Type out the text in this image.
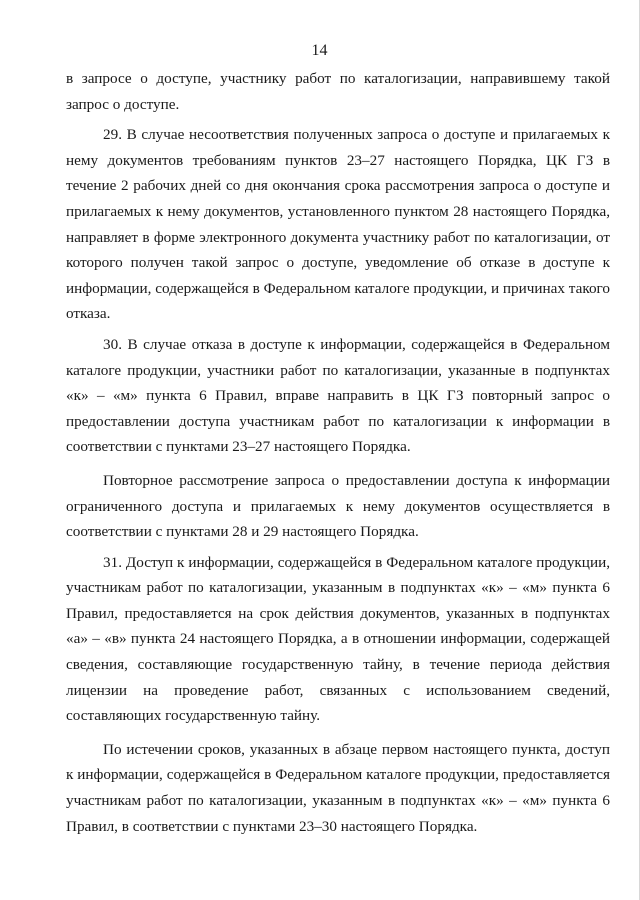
14

в запросе о доступе, участнику работ по каталогизации, направившему такой запрос о доступе.

29. В случае несоответствия полученных запроса о доступе и прилагаемых к нему документов требованиям пунктов 23–27 настоящего Порядка, ЦК ГЗ в течение 2 рабочих дней со дня окончания срока рассмотрения запроса о доступе и прилагаемых к нему документов, установленного пунктом 28 настоящего Порядка, направляет в форме электронного документа участнику работ по каталогизации, от которого получен такой запрос о доступе, уведомление об отказе в доступе к информации, содержащейся в Федеральном каталоге продукции, и причинах такого отказа.

30. В случае отказа в доступе к информации, содержащейся в Федеральном каталоге продукции, участники работ по каталогизации, указанные в подпунктах «к» – «м» пункта 6 Правил, вправе направить в ЦК ГЗ повторный запрос о предоставлении доступа участникам работ по каталогизации к информации в соответствии с пунктами 23–27 настоящего Порядка.

Повторное рассмотрение запроса о предоставлении доступа к информации ограниченного доступа и прилагаемых к нему документов осуществляется в соответствии с пунктами 28 и 29 настоящего Порядка.

31. Доступ к информации, содержащейся в Федеральном каталоге продукции, участникам работ по каталогизации, указанным в подпунктах «к» – «м» пункта 6 Правил, предоставляется на срок действия документов, указанных в подпунктах «а» – «в» пункта 24 настоящего Порядка, а в отношении информации, содержащей сведения, составляющие государственную тайну, в течение периода действия лицензии на проведение работ, связанных с использованием сведений, составляющих государственную тайну.

По истечении сроков, указанных в абзаце первом настоящего пункта, доступ к информации, содержащейся в Федеральном каталоге продукции, предоставляется участникам работ по каталогизации, указанным в подпунктах «к» – «м» пункта 6 Правил, в соответствии с пунктами 23–30 настоящего Порядка.
